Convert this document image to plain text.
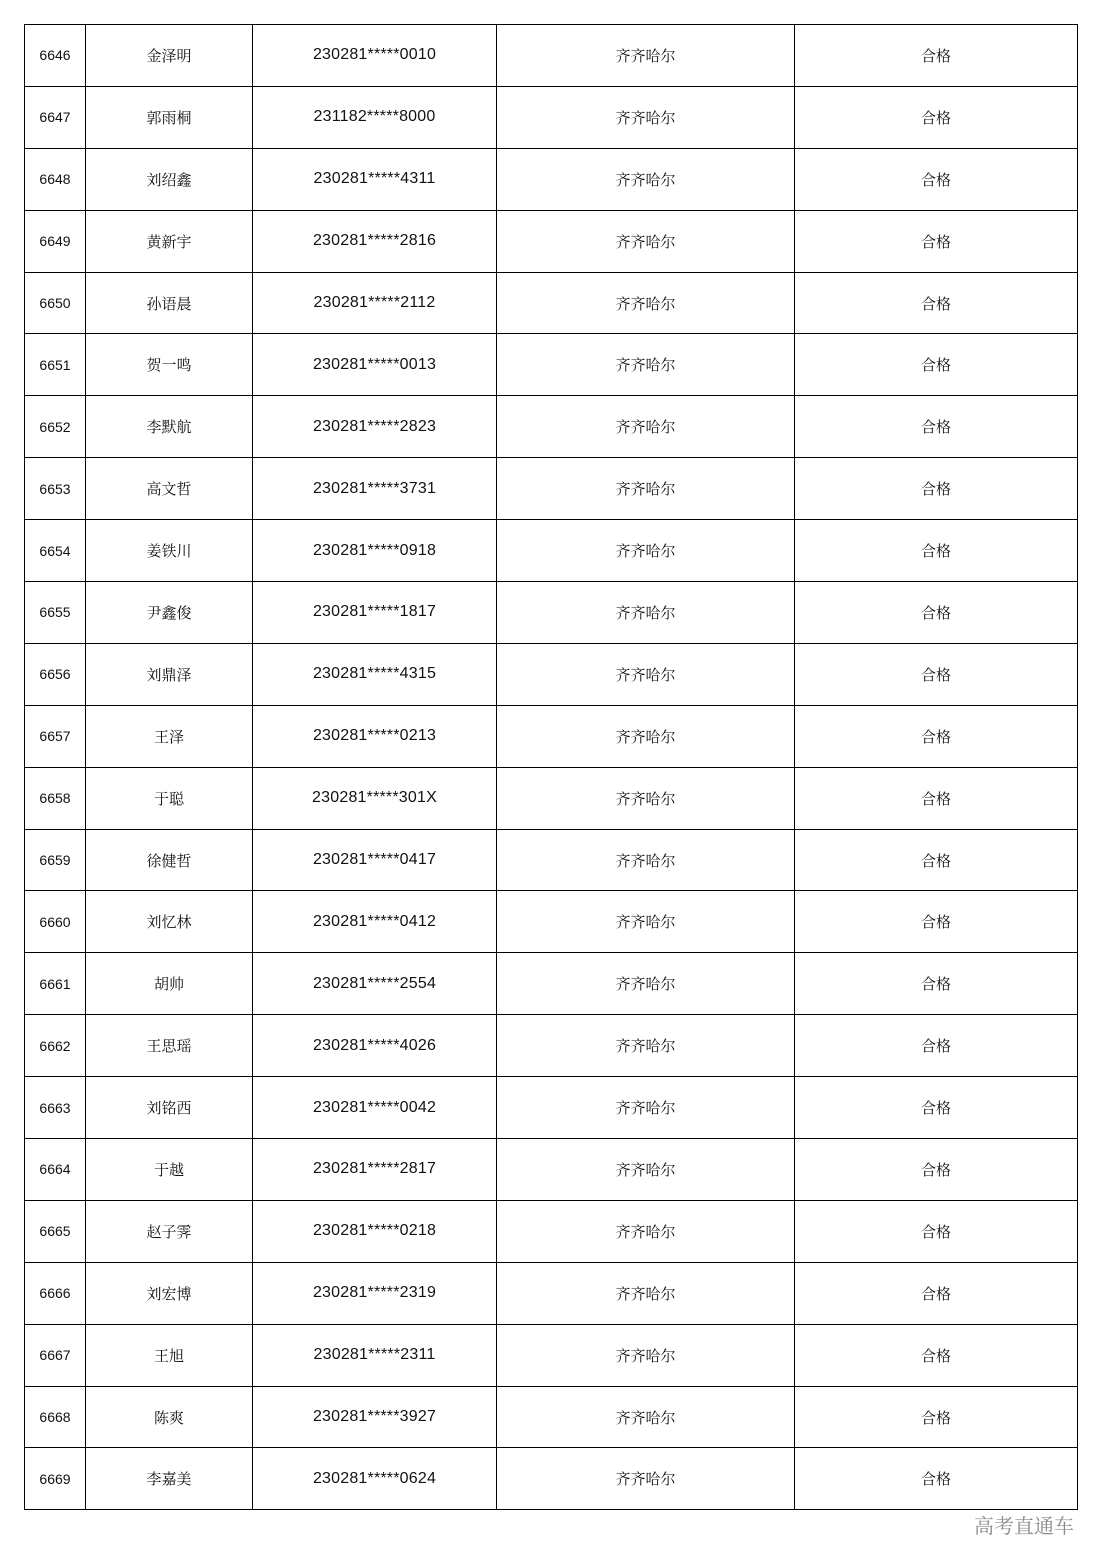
6646	金泽明	230281*****0010	齐齐哈尔	合格
6647	郭雨桐	231182*****8000	齐齐哈尔	合格
6648	刘绍鑫	230281*****4311	齐齐哈尔	合格
6649	黄新宇	230281*****2816	齐齐哈尔	合格
6650	孙语晨	230281*****2112	齐齐哈尔	合格
6651	贺一鸣	230281*****0013	齐齐哈尔	合格
6652	李默航	230281*****2823	齐齐哈尔	合格
6653	高文哲	230281*****3731	齐齐哈尔	合格
6654	姜铁川	230281*****0918	齐齐哈尔	合格
6655	尹鑫俊	230281*****1817	齐齐哈尔	合格
6656	刘鼎泽	230281*****4315	齐齐哈尔	合格
6657	王泽	230281*****0213	齐齐哈尔	合格
6658	于聪	230281*****301X	齐齐哈尔	合格
6659	徐健哲	230281*****0417	齐齐哈尔	合格
6660	刘忆林	230281*****0412	齐齐哈尔	合格
6661	胡帅	230281*****2554	齐齐哈尔	合格
6662	王思瑶	230281*****4026	齐齐哈尔	合格
6663	刘铭西	230281*****0042	齐齐哈尔	合格
6664	于越	230281*****2817	齐齐哈尔	合格
6665	赵子霁	230281*****0218	齐齐哈尔	合格
6666	刘宏博	230281*****2319	齐齐哈尔	合格
6667	王旭	230281*****2311	齐齐哈尔	合格
6668	陈爽	230281*****3927	齐齐哈尔	合格
6669	李嘉美	230281*****0624	齐齐哈尔	合格
高考直通车
